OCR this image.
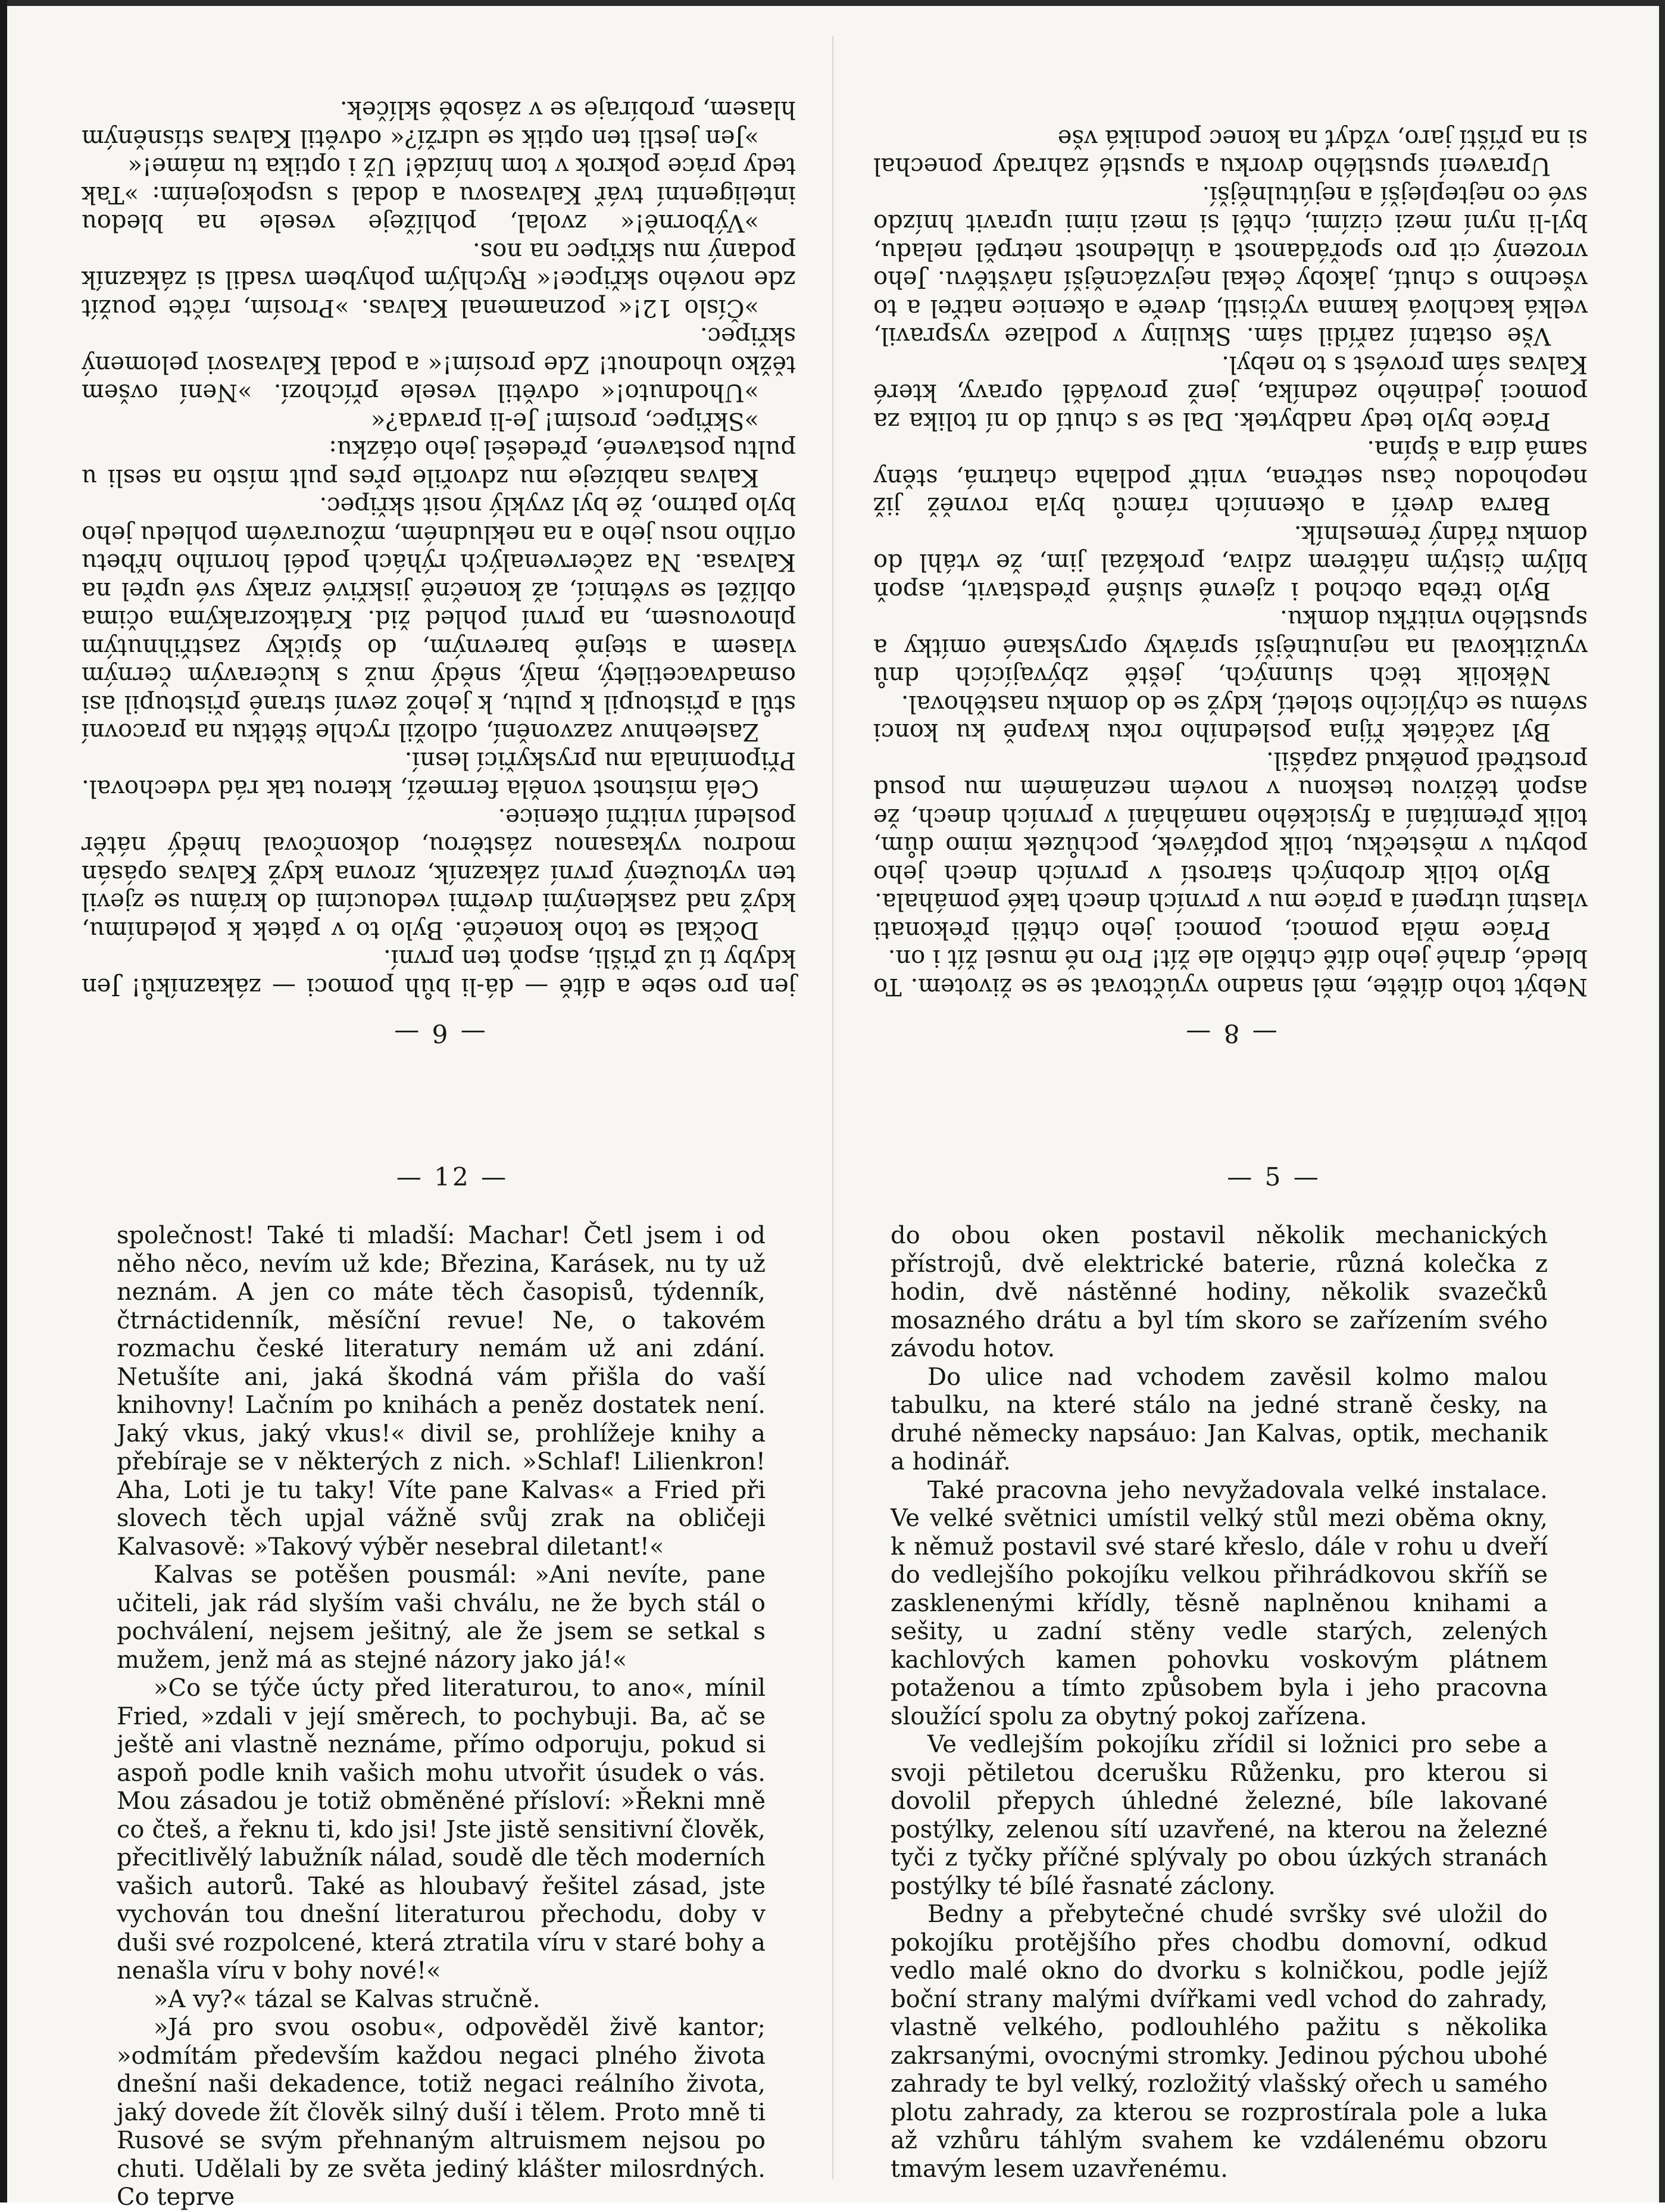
— 8 —

Nebýt toho dítěte, měl snadno vyúčtovat se se životem. To bledé, drahé jeho dítě chtělo ale žít! Pro ně musel žít i on.

Práce měla pomoci, pomoci jeho chtěli překonati vlastní utrpení a práce mu v prvních dnech také pomáhala.

Bylo tolik drobných starostí v prvních dnech jeho pobytu v městečku, tolik popťávek, pochůzek mimo dům, tolik přemítání a fysického namáhání v prvních dnech, že aspoň těživou teskonu v novém neznámém mu posud prostředí poněkud zapášil.

Byl začátek října posledního roku kvapně ku konci svému se chýlícího století, když se do domku nastěhoval.

Několik těch slunných, ještě zbývajících dnů využitkoval na nejnutnější správky opryskané omítky a spustlého vnitřku domku.

Bylo třeba obchod i zjevně slušně představit, aspoň bílým čistým nátěrem zdiva, prokázal jim, že vtáhl do domku řádný řemeslník.

Barva dveří a okenních rámců byla rovněž již nepohodou času setřena, vnitř podlaha chatrná, stěny samá díra a špína.

Práce bylo tedy nadbytek. Dal se s chutí do ní tolika za pomoci jediného zedníka, jenž prováděl opravy, které Kalvas sám provést s to nebyl.

Vše ostatní zařídil sám. Skuliny v podlaze vyspravil, velká kachlová kamna vyčistil, dveře a okenice natřel a to všechno s chutí, jakoby čekal nejvzácnější návštěvu. Jeho vrozený cit pro spořádanost a úhlednost netrpěl neladu, byl-li nyní mezi cizími, chtěl si mezi nimi upravit hnízdo své co nejteplejší a nejútulnější.

Upravení spustlého dvorku a spustlé zahrady ponechal si na příští jaro, vždyť na konec podniká vše

— 6 —

jen pro sebe a dítě — dá-li bůh pomoci — zákazníků! Jen kdyby tí už přišli, aspoň ten první.

Dočkal se toho konečně. Bylo to v pátek k polednímu, když nad zasklenými dveřmi vedoucími do krámu se zjevil ten vytoužený první zákazník, zrovna když Kalvas opásán modrou vykasanou zástěrou, dokončoval hnědý nátěr poslední vnitřní okenice.

Celá místnost voněla fermeží, kterou tak rád vdechoval. Připomínala mu pryskyřicí lesní.

Zasleehnuv zazvonění, odložil rychle štětku na pracovní stůl a přistoupil k pultu, k jehož zevní straně přistoupil asi osmadvacetiletý, malý, snědý muž s kučeravým černým vlasem a stejně barevným, do špičky zastřihnutým plnovousem, na první pohled žid. Krátkozrakýma očima oblížel se světnicí, až konečně jiskřivé zraky své upřel na Kalvasa. Na začervenalých rýhách podél horního hřbetu orlího nosu jeho a na nekludném, mžouravém pohledu jeho bylo patrno, že byl zvyklý nosit skřipec.

Kalvas nabízeje mu zdvořile přes pult místo na sesli u pultu postavené, předešel jeho otázku:

»Skřipec, prosím! Je-li pravda?«

»Uhodnuto!« odvětil vesele příchozí. »Není ovšem těžko uhodnout! Zde prosím!« a podal Kalvasovi pelomený skřipec.

»Číslo 12!« poznamenal Kalvas. »Prosím, ráčte použít zde nového skřipce!« Rychlým pohybem vsadil si zákazník podaný mu skřipec na nos.

»Výborně!« zvolal, pohlížeje vesele na bledou inteligentní tvář Kalvasovu a dodal s uspokojením: »Tak tedy práce pokrok v tom hnízdě! Už i optika tu máme!«

»Jen jestli ten optik se udrží?« odvětil Kalvas stísněným hlasem, probíraje se v zásobě sklíček.

— 12 —

společnost! Také ti mladší: Machar! Četl jsem i od něho něco, nevím už kde; Březina, Karásek, nu ty už neznám. A jen co máte těch časopisů, týdenník, čtrnáctidenník, měsíční revue! Ne, o takovém rozmachu české literatury nemám už ani zdání. Netušíte ani, jaká škodná vám přišla do vaší knihovny! Lačním po knihách a peněz dostatek není. Jaký vkus, jaký vkus!« divil se, prohlížeje knihy a přebíraje se v některých z nich. »Schlaf! Lilienkron! Aha, Loti je tu taky! Víte pane Kalvas« a Fried při slovech těch upjal vážně svůj zrak na obličeji Kalvasově: »Takový výběr nesebral diletant!«

Kalvas se potěšen pousmál: »Ani nevíte, pane učiteli, jak rád slyším vaši chválu, ne že bych stál o pochválení, nejsem ješitný, ale že jsem se setkal s mužem, jenž má as stejné názory jako já!«

»Co se týče úcty před literaturou, to ano«, mínil Fried, »zdali v její směrech, to pochybuji. Ba, ač se ještě ani vlastně neznáme, přímo odporuju, pokud si aspoň podle knih vašich mohu utvořit úsudek o vás. Mou zásadou je totiž obměněné přísloví: »Řekni mně co čteš, a řeknu ti, kdo jsi! Jste jistě sensitivní člověk, přecitlivělý labužník nálad, soudě dle těch moderních vašich autorů. Také as hloubavý řešitel zásad, jste vychován tou dnešní literaturou přechodu, doby v duši své rozpolcené, která ztratila víru v staré bohy a nenašla víru v bohy nové!«

»A vy?« tázal se Kalvas stručně.

»Já pro svou osobu«, odpověděl živě kantor; »odmítám především každou negaci plného života dnešní naši dekadence, totiž negaci reálního života, jaký dovede žít člověk silný duší i tělem. Proto mně ti Rusové se svým přehnaným altruismem nejsou po chuti. Udělali by ze světa jediný klášter milosrdných. Co teprve

— 5 —

do obou oken postavil několik mechanických přístrojů, dvě elektrické baterie, různá kolečka z hodin, dvě nástěnné hodiny, několik svazečků mosazného drátu a byl tím skoro se zařízením svého závodu hotov.

Do ulice nad vchodem zavěsil kolmo malou tabulku, na které stálo na jedné straně česky, na druhé německy napsáuo: Jan Kalvas, optik, mechanik a hodinář.

Také pracovna jeho nevyžadovala velké instalace. Ve velké světnici umístil velký stůl mezi oběma okny, k němuž postavil své staré křeslo, dále v rohu u dveří do vedlejšího pokojíku velkou přihrádkovou skříň se zasklenenými křídly, těsně naplněnou knihami a sešity, u zadní stěny vedle starých, zelených kachlových kamen pohovku voskovým plátnem potaženou a tímto způsobem byla i jeho pracovna sloužící spolu za obytný pokoj zařízena.

Ve vedlejším pokojíku zřídil si ložnici pro sebe a svoji pětiletou dcerušku Růženku, pro kterou si dovolil přepych úhledné železné, bíle lakované postýlky, zelenou sítí uzavřené, na kterou na železné tyči z tyčky příčné splývaly po obou úzkých stranách postýlky té bílé řasnaté záclony.

Bedny a přebytečné chudé svršky své uložil do pokojíku protějšího přes chodbu domovní, odkud vedlo malé okno do dvorku s kolničkou, podle jejíž boční strany malými dvířkami vedl vchod do zahrady, vlastně velkého, podlouhlého pažitu s několika zakrsanými, ovocnými stromky. Jedinou pýchou ubohé zahrady te byl velký, rozložitý vlašský ořech u samého plotu zahrady, za kterou se rozprostírala pole a luka až vzhůru táhlým svahem ke vzdálenému obzoru tmavým lesem uzavřenému.
